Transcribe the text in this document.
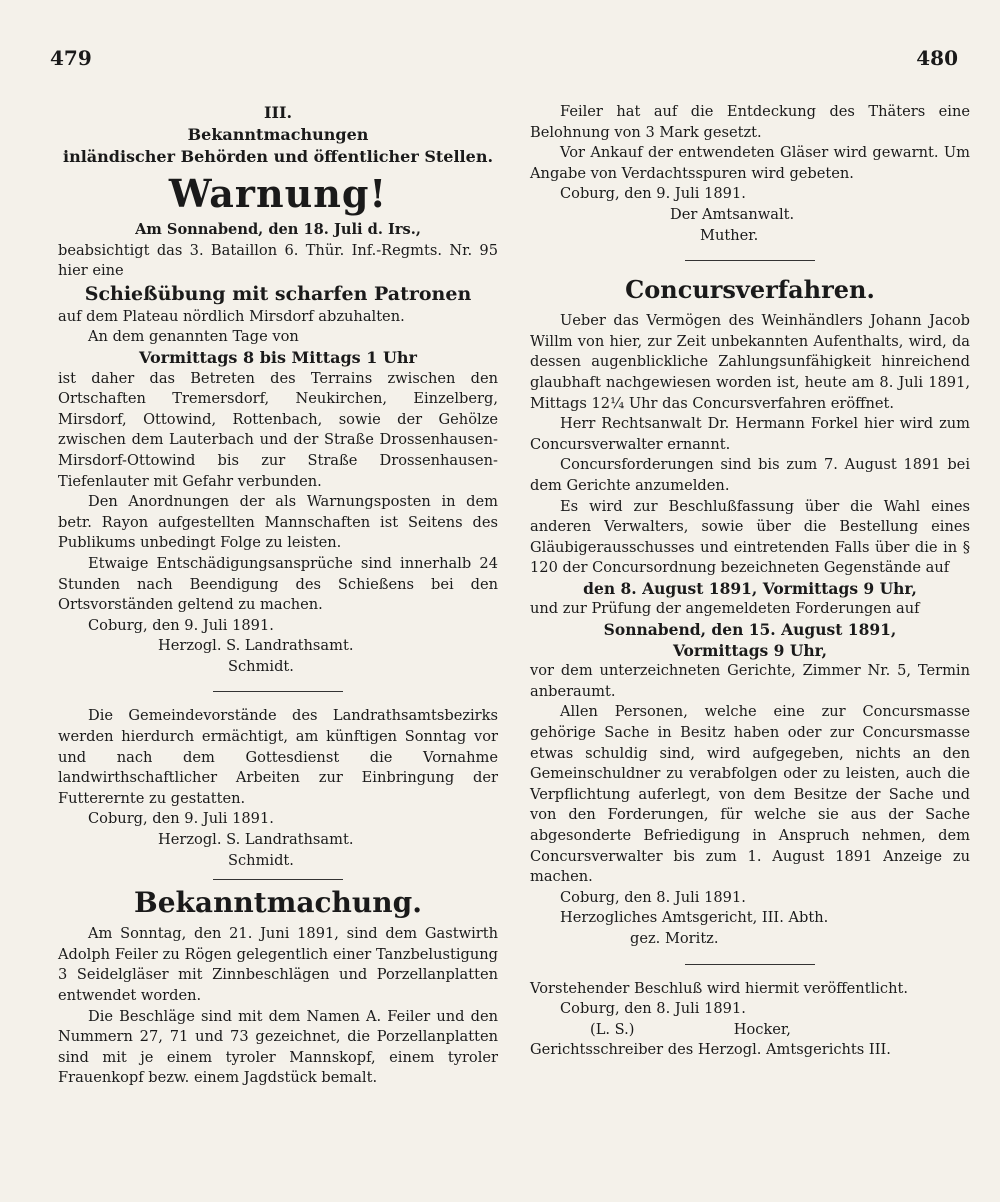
479	480
III.
Bekanntmachungen
inländischer Behörden und öffentlicher Stellen.
Warnung!

Am Sonnabend, den 18. Juli d. Irs.,

beabsichtigt das 3. Bataillon 6. Thür. Inf.-Regmts. Nr. 95 hier eine

Schießübung mit scharfen Patronen

auf dem Plateau nördlich Mirsdorf abzuhalten.

An dem genannten Tage von

Vormittags 8 bis Mittags 1 Uhr

ist daher das Betreten des Terrains zwischen den Ortschaften Tremersdorf, Neukirchen, Einzelberg, Mirsdorf, Ottowind, Rottenbach, sowie der Gehölze zwischen dem Lauterbach und der Straße Drossenhausen-Mirsdorf-Ottowind bis zur Straße Drossenhausen-Tiefenlauter mit Gefahr verbunden.

Den Anordnungen der als Warnungsposten in dem betr. Rayon aufgestellten Mannschaften ist Seitens des Publikums unbedingt Folge zu leisten.

Etwaige Entschädigungsansprüche sind innerhalb 24 Stunden nach Beendigung des Schießens bei den Ortsvorständen geltend zu machen.

Coburg, den 9. Juli 1891.

Herzogl. S. Landrathsamt.

Schmidt.

Die Gemeindevorstände des Landrathsamtsbezirks werden hierdurch ermächtigt, am künftigen Sonntag vor und nach dem Gottesdienst die Vornahme landwirthschaftlicher Arbeiten zur Einbringung der Futterernte zu gestatten.

Coburg, den 9. Juli 1891.

Herzogl. S. Landrathsamt.

Schmidt.

Bekanntmachung.

Am Sonntag, den 21. Juni 1891, sind dem Gastwirth Adolph Feiler zu Rögen gelegentlich einer Tanzbelustigung 3 Seidelgläser mit Zinnbeschlägen und Porzellanplatten entwendet worden.

Die Beschläge sind mit dem Namen A. Feiler und den Nummern 27, 71 und 73 gezeichnet, die Porzellanplatten sind mit je einem tyroler Mannskopf, einem tyroler Frauenkopf bezw. einem Jagdstück bemalt.

Feiler hat auf die Entdeckung des Thäters eine Belohnung von 3 Mark gesetzt.

Vor Ankauf der entwendeten Gläser wird gewarnt. Um Angabe von Verdachtsspuren wird gebeten.

Coburg, den 9. Juli 1891.

Der Amtsanwalt.

Muther.

Concursverfahren.

Ueber das Vermögen des Weinhändlers Johann Jacob Willm von hier, zur Zeit unbekannten Aufenthalts, wird, da dessen augenblickliche Zahlungsunfähigkeit hinreichend glaubhaft nachgewiesen worden ist, heute am 8. Juli 1891, Mittags 12¼ Uhr das Concursverfahren eröffnet.

Herr Rechtsanwalt Dr. Hermann Forkel hier wird zum Concursverwalter ernannt.

Concursforderungen sind bis zum 7. August 1891 bei dem Gerichte anzumelden.

Es wird zur Beschlußfassung über die Wahl eines anderen Verwalters, sowie über die Bestellung eines Gläubigerausschusses und eintretenden Falls über die in § 120 der Concursordnung bezeichneten Gegenstände auf

den 8. August 1891, Vormittags 9 Uhr,

und zur Prüfung der angemeldeten Forderungen auf

Sonnabend, den 15. August 1891,

Vormittags 9 Uhr,

vor dem unterzeichneten Gerichte, Zimmer Nr. 5, Termin anberaumt.

Allen Personen, welche eine zur Concursmasse gehörige Sache in Besitz haben oder zur Concursmasse etwas schuldig sind, wird aufgegeben, nichts an den Gemeinschuldner zu verabfolgen oder zu leisten, auch die Verpflichtung auferlegt, von dem Besitze der Sache und von den Forderungen, für welche sie aus der Sache abgesonderte Befriedigung in Anspruch nehmen, dem Concursverwalter bis zum 1. August 1891 Anzeige zu machen.

Coburg, den 8. Juli 1891.

Herzogliches Amtsgericht, III. Abth.

gez. Moritz.

Vorstehender Beschluß wird hiermit veröffentlicht.

Coburg, den 8. Juli 1891.

(L. S.)	Hocker,

Gerichtsschreiber des Herzogl. Amtsgerichts III.
